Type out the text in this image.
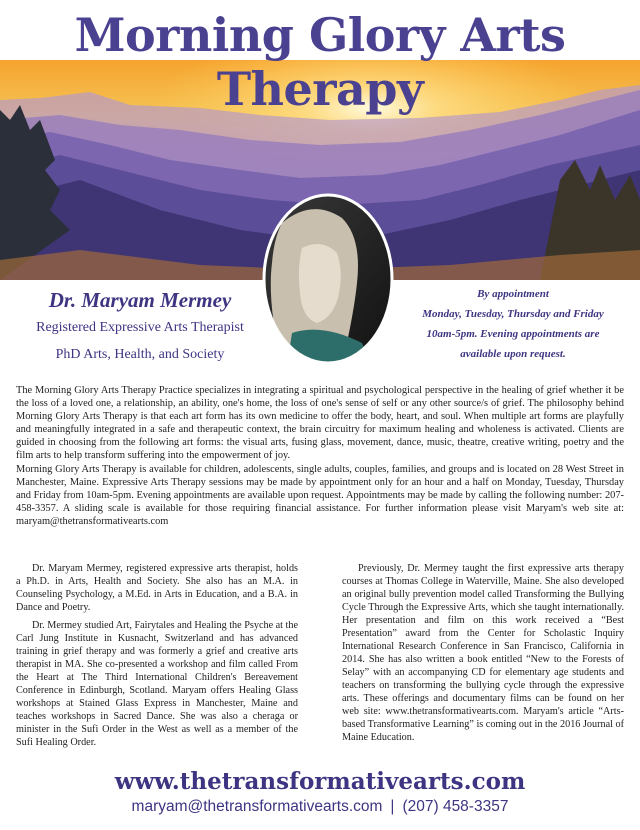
Morning Glory Arts Therapy
Dr. Maryam Mermey
Registered Expressive Arts Therapist
PhD Arts, Health, and Society
By appointment
Monday, Tuesday, Thursday and Friday
10am-5pm. Evening appointments are
available upon request.

The Morning Glory Arts Therapy Practice specializes in integrating a spiritual and psychological perspective in the healing of grief whether it be the loss of a loved one, a relationship, an ability, one's home, the loss of one's sense of self or any other source/s of grief. The philosophy behind Morning Glory Arts Therapy is that each art form has its own medicine to offer the body, heart, and soul. When multiple art forms are playfully and meaningfully integrated in a safe and therapeutic context, the brain circuitry for maximum healing and wholeness is activated. Clients are guided in choosing from the following art forms: the visual arts, fusing glass, movement, dance, music, theatre, creative writing, poetry and the film arts to help transform suffering into the empowerment of joy.

Morning Glory Arts Therapy is available for children, adolescents, single adults, couples, families, and groups and is located on 28 West Street in Manchester, Maine. Expressive Arts Therapy sessions may be made by appointment only for an hour and a half on Monday, Tuesday, Thursday and Friday from 10am-5pm. Evening appointments are available upon request. Appointments may be made by calling the following number: 207-458-3357. A sliding scale is available for those requiring financial assistance. For further information please visit Maryam's web site at: maryam@thetransformativearts.com

Dr. Maryam Mermey, registered expressive arts therapist, holds a Ph.D. in Arts, Health and Society. She also has an M.A. in Counseling Psychology, a M.Ed. in Arts in Education, and a B.A. in Dance and Poetry.

Dr. Mermey studied Art, Fairytales and Healing the Psyche at the Carl Jung Institute in Kusnacht, Switzerland and has advanced training in grief therapy and was formerly a grief and creative arts therapist in MA. She co-presented a workshop and film called From the Heart at The Third International Children's Bereavement Conference in Edinburgh, Scotland. Maryam offers Healing Glass workshops at Stained Glass Express in Manchester, Maine and teaches workshops in Sacred Dance. She was also a cheraga or minister in the Sufi Order in the West as well as a member of the Sufi Healing Order.

Previously, Dr. Mermey taught the first expressive arts therapy courses at Thomas College in Waterville, Maine. She also developed an original bully prevention model called Transforming the Bullying Cycle Through the Expressive Arts, which she taught internationally. Her presentation and film on this work received a “Best Presentation” award from the Center for Scholastic Inquiry International Research Conference in San Francisco, California in 2014. She has also written a book entitled “New to the Forests of Selay” with an accompanying CD for elementary age students and teachers on transforming the bullying cycle through the expressive arts. These offerings and documentary films can be found on her web site: www.thetransformativearts.com. Maryam's article “Arts-based Transformative Learning” is coming out in the 2016 Journal of Maine Education.

www.thetransformativearts.com
maryam@thetransformativearts.com | (207) 458-3357
